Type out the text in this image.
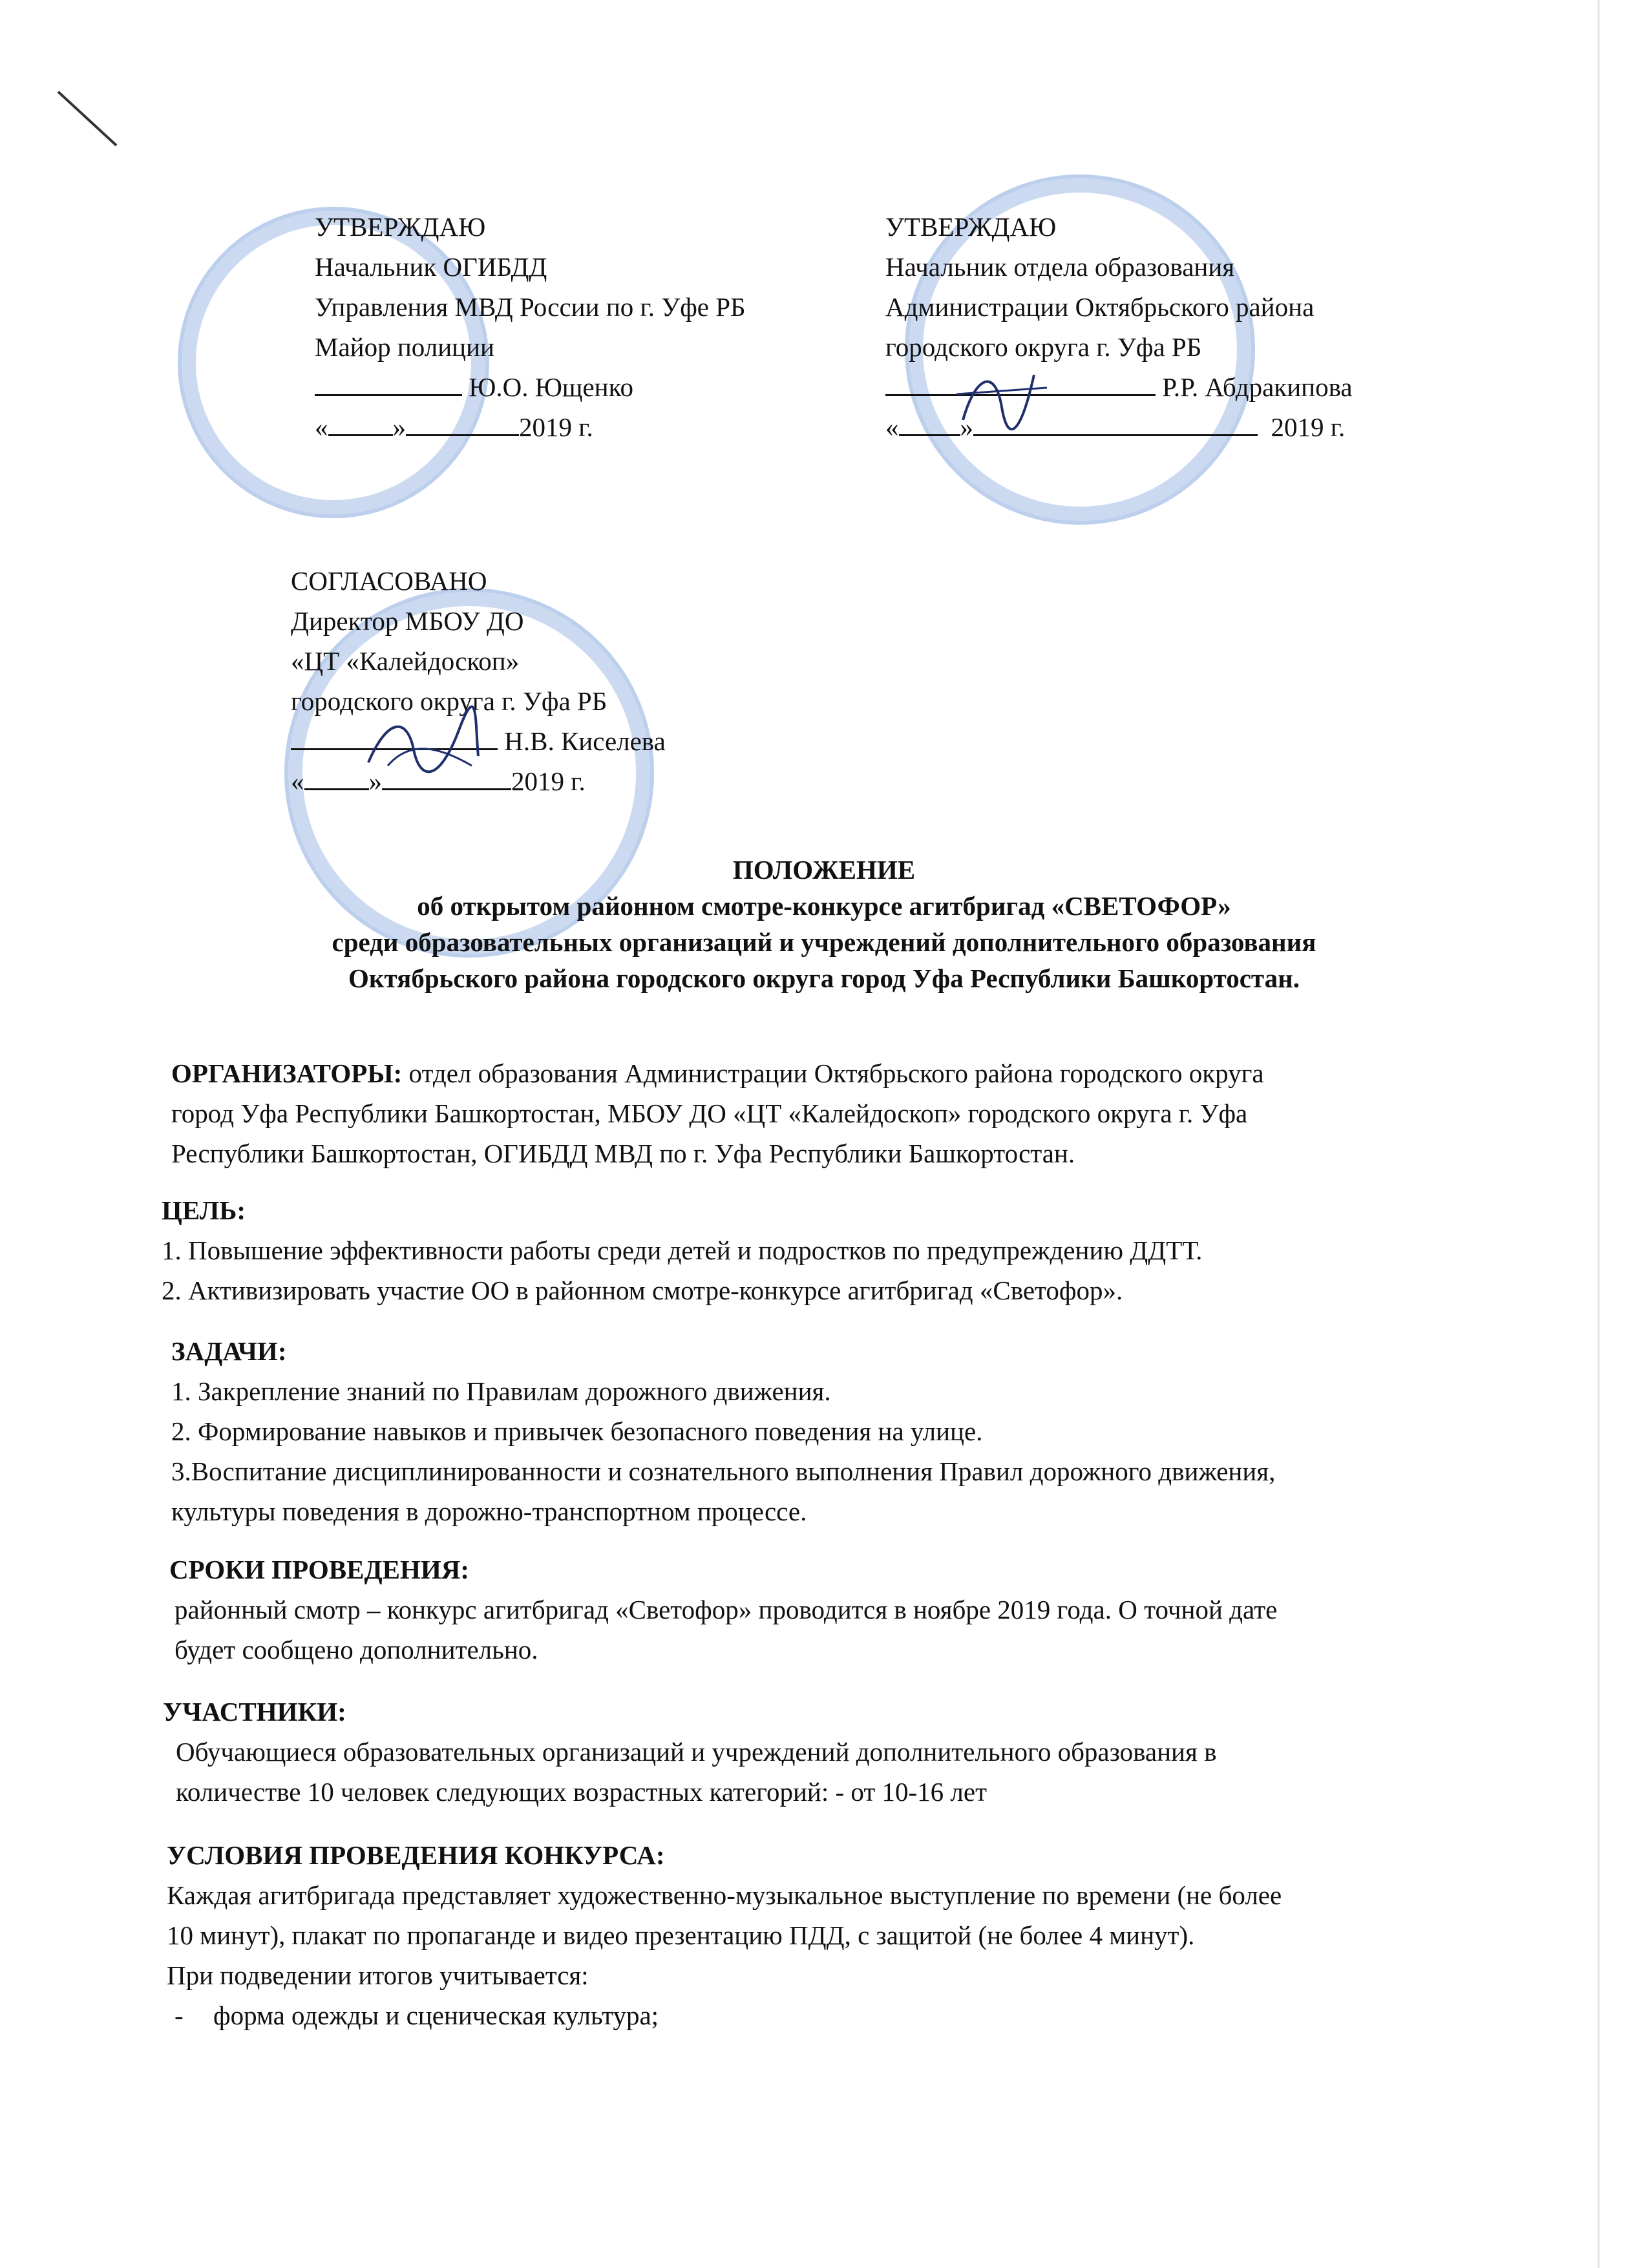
УТВЕРЖДАЮ
Начальник ОГИБДД
Управления МВД России по г. Уфе РБ
Майор полиции
Ю.О. Ющенко
« »	2019 г.
УТВЕРЖДАЮ
Начальник отдела образования
Администрации Октябрьского района
городского округа г. Уфа РБ
Р.Р. Абдракипова
« »	2019 г.
СОГЛАСОВАНО
Директор МБОУ ДО
«ЦТ «Калейдоскоп»
городского округа г. Уфа РБ
Н.В. Киселева
« »	2019 г.
ПОЛОЖЕНИЕ
об открытом районном смотре-конкурсе агитбригад «СВЕТОФОР»
среди образовательных организаций и учреждений дополнительного образования
Октябрьского района городского округа город Уфа Республики Башкортостан.

ОРГАНИЗАТОРЫ: отдел образования Администрации Октябрьского района городского округа

город Уфа Республики Башкортостан, МБОУ ДО «ЦТ «Калейдоскоп» городского округа г. Уфа

Республики Башкортостан, ОГИБДД МВД по г. Уфа Республики Башкортостан.

ЦЕЛЬ:

1. Повышение эффективности работы среди детей и подростков по предупреждению ДДТТ.

2. Активизировать участие ОО в районном смотре-конкурсе агитбригад «Светофор».

ЗАДАЧИ:

1. Закрепление знаний по Правилам дорожного движения.

2. Формирование навыков и привычек безопасного поведения на улице.

3.Воспитание дисциплинированности и сознательного выполнения Правил дорожного движения,

культуры поведения в дорожно-транспортном процессе.

СРОКИ ПРОВЕДЕНИЯ:

районный смотр – конкурс агитбригад «Светофор» проводится в ноябре 2019 года. О точной дате

будет сообщено дополнительно.

УЧАСТНИКИ:

Обучающиеся образовательных организаций и учреждений дополнительного образования в

количестве 10 человек следующих возрастных категорий: - от 10-16 лет

УСЛОВИЯ ПРОВЕДЕНИЯ КОНКУРСА:

Каждая агитбригада представляет художественно-музыкальное выступление по времени (не более

10 минут), плакат по пропаганде и видео презентацию ПДД, с защитой (не более 4 минут).

При подведении итогов учитывается:

- форма одежды и сценическая культура;
